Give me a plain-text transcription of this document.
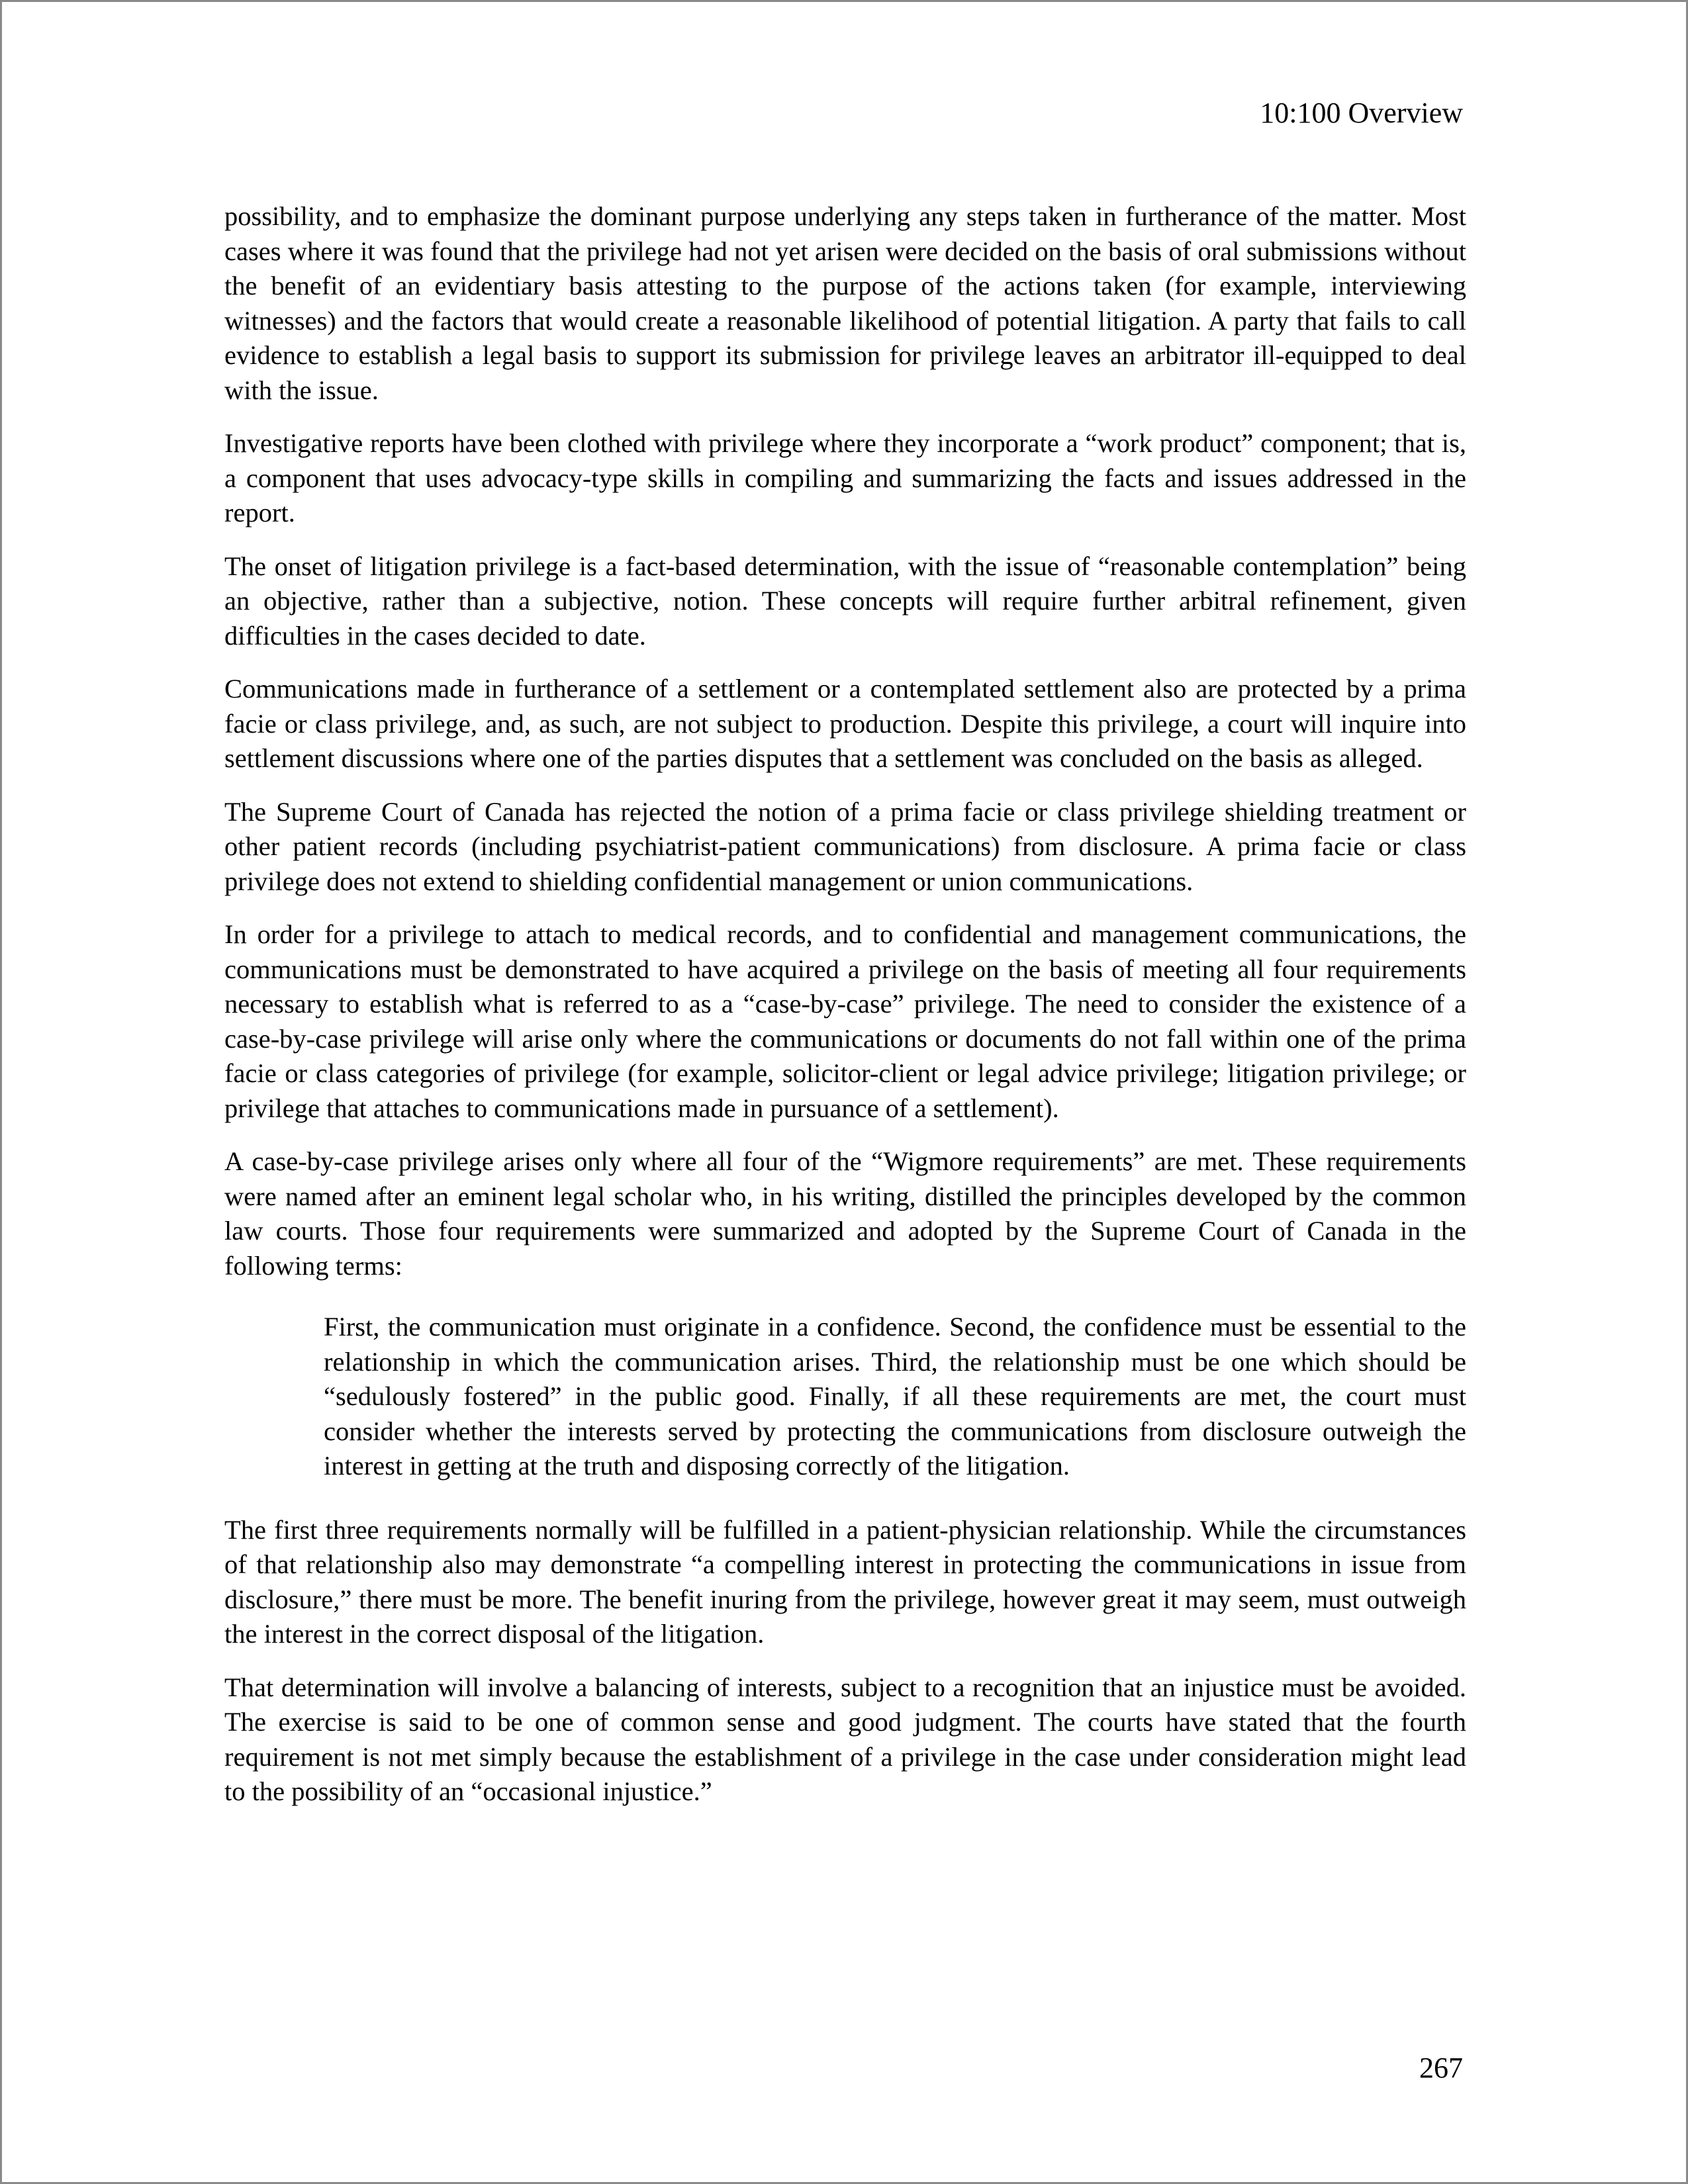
10:100 Overview

possibility, and to emphasize the dominant purpose underlying any steps taken in furtherance of the matter. Most cases where it was found that the privilege had not yet arisen were decided on the basis of oral submissions without the benefit of an evidentiary basis attesting to the purpose of the actions taken (for example, interviewing witnesses) and the factors that would create a reasonable likelihood of potential litigation. A party that fails to call evidence to establish a legal basis to support its submission for privilege leaves an arbitrator ill-equipped to deal with the issue.

Investigative reports have been clothed with privilege where they incorporate a “work product” component; that is, a component that uses advocacy-type skills in compiling and summarizing the facts and issues addressed in the report.

The onset of litigation privilege is a fact-based determination, with the issue of “reasonable contemplation” being an objective, rather than a subjective, notion. These concepts will require further arbitral refinement, given difficulties in the cases decided to date.

Communications made in furtherance of a settlement or a contemplated settlement also are protected by a prima facie or class privilege, and, as such, are not subject to production. Despite this privilege, a court will inquire into settlement discussions where one of the parties disputes that a settlement was concluded on the basis as alleged.

The Supreme Court of Canada has rejected the notion of a prima facie or class privilege shielding treatment or other patient records (including psychiatrist-patient communications) from disclosure. A prima facie or class privilege does not extend to shielding confidential management or union communications.

In order for a privilege to attach to medical records, and to confidential and management communications, the communications must be demonstrated to have acquired a privilege on the basis of meeting all four requirements necessary to establish what is referred to as a “case-by-case” privilege. The need to consider the existence of a case-by-case privilege will arise only where the communications or documents do not fall within one of the prima facie or class categories of privilege (for example, solicitor-client or legal advice privilege; litigation privilege; or privilege that attaches to communications made in pursuance of a settlement).

A case-by-case privilege arises only where all four of the “Wigmore requirements” are met. These requirements were named after an eminent legal scholar who, in his writing, distilled the principles developed by the common law courts. Those four requirements were summarized and adopted by the Supreme Court of Canada in the following terms:

First, the communication must originate in a confidence. Second, the confidence must be essential to the relationship in which the communication arises. Third, the relationship must be one which should be “sedulously fostered” in the public good. Finally, if all these requirements are met, the court must consider whether the interests served by protecting the communications from disclosure outweigh the interest in getting at the truth and disposing correctly of the litigation.

The first three requirements normally will be fulfilled in a patient-physician relationship. While the circumstances of that relationship also may demonstrate “a compelling interest in protecting the communications in issue from disclosure,” there must be more. The benefit inuring from the privilege, however great it may seem, must outweigh the interest in the correct disposal of the litigation.

That determination will involve a balancing of interests, subject to a recognition that an injustice must be avoided. The exercise is said to be one of common sense and good judgment. The courts have stated that the fourth requirement is not met simply because the establishment of a privilege in the case under consideration might lead to the possibility of an “occasional injustice.”

267
